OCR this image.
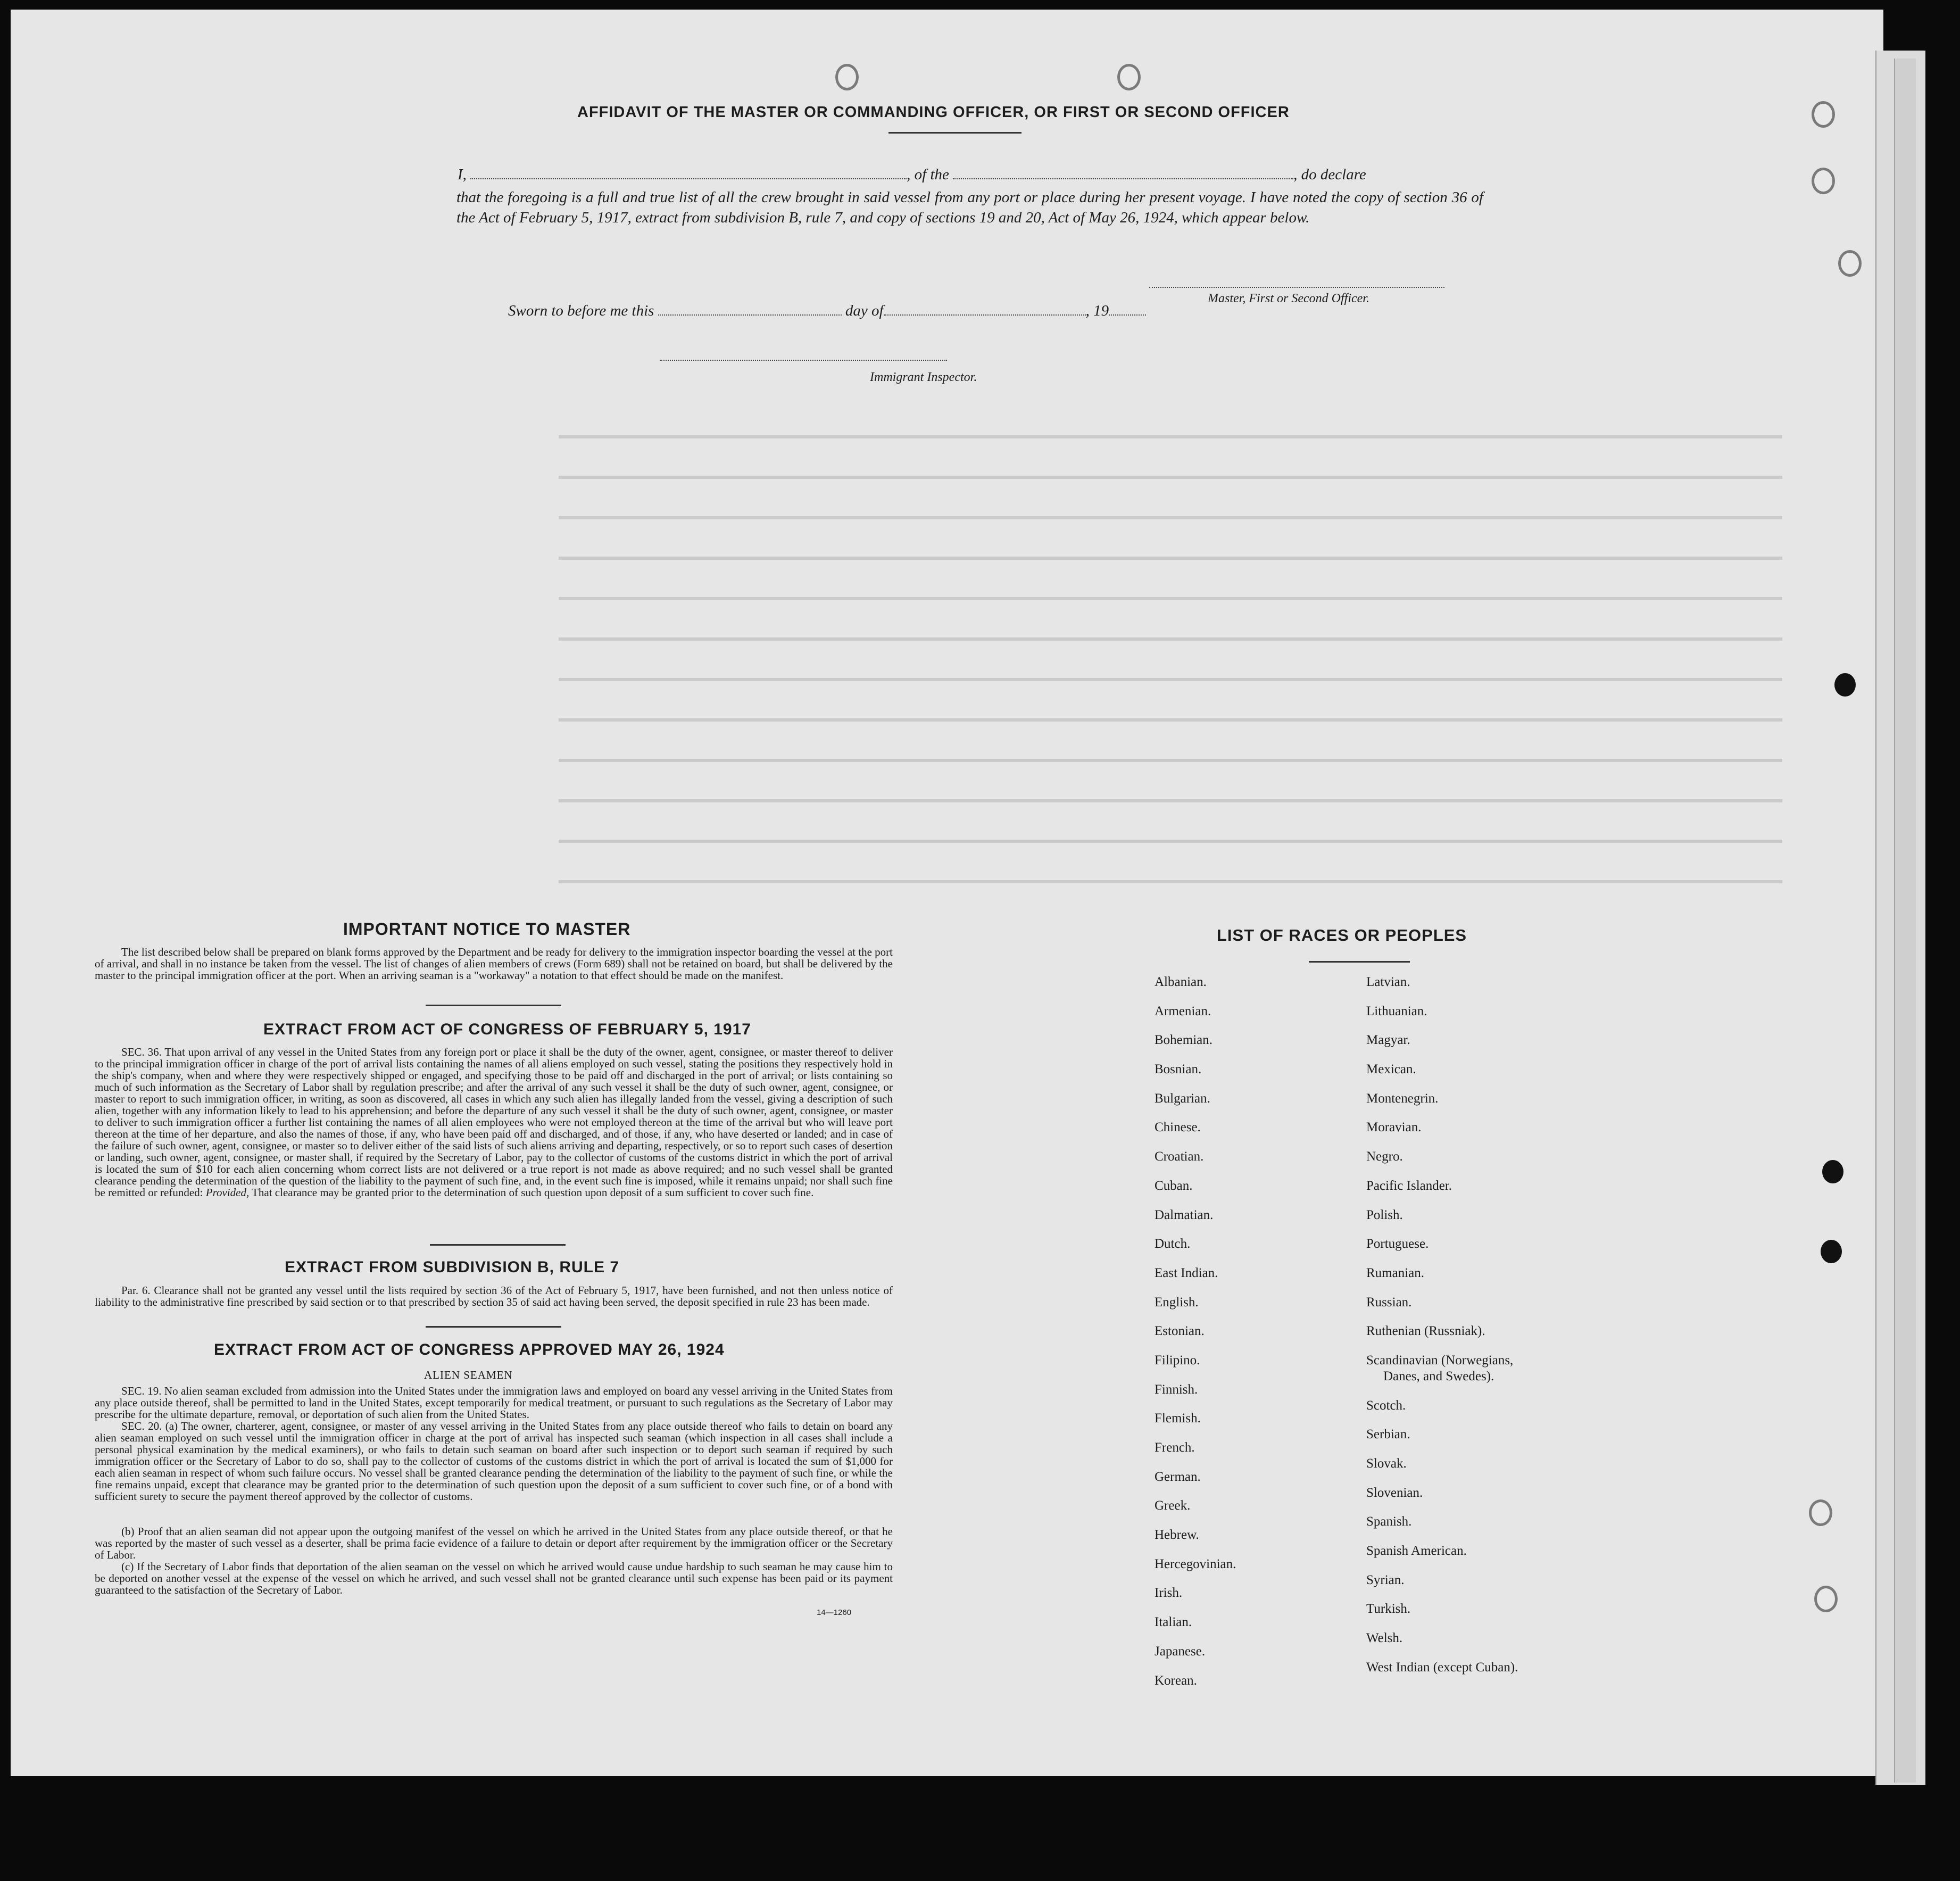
AFFIDAVIT OF THE MASTER OR COMMANDING OFFICER, OR FIRST OR SECOND OFFICER
I,	, of the	, do declare
that the foregoing is a full and true list of all the crew brought in said vessel from any port or place during her present voyage. I have noted the copy of section 36 of the Act of February 5, 1917, extract from subdivision B, rule 7, and copy of sections 19 and 20, Act of May 26, 1924, which appear below.
Master, First or Second Officer.
Sworn to before me this	day of	, 19
Immigrant Inspector.
IMPORTANT NOTICE TO MASTER
The list described below shall be prepared on blank forms approved by the Department and be ready for delivery to the immigration inspector boarding the vessel at the port of arrival, and shall in no instance be taken from the vessel. The list of changes of alien members of crews (Form 689) shall not be retained on board, but shall be delivered by the master to the principal immigration officer at the port. When an arriving seaman is a "workaway" a notation to that effect should be made on the manifest.
EXTRACT FROM ACT OF CONGRESS OF FEBRUARY 5, 1917
SEC. 36. That upon arrival of any vessel in the United States from any foreign port or place it shall be the duty of the owner, agent, consignee, or master thereof to deliver to the principal immigration officer in charge of the port of arrival lists containing the names of all aliens employed on such vessel, stating the positions they respectively hold in the ship's company, when and where they were respectively shipped or engaged, and specifying those to be paid off and discharged in the port of arrival; or lists containing so much of such information as the Secretary of Labor shall by regulation prescribe; and after the arrival of any such vessel it shall be the duty of such owner, agent, consignee, or master to report to such immigration officer, in writing, as soon as discovered, all cases in which any such alien has illegally landed from the vessel, giving a description of such alien, together with any information likely to lead to his apprehension; and before the departure of any such vessel it shall be the duty of such owner, agent, consignee, or master to deliver to such immigration officer a further list containing the names of all alien employees who were not employed thereon at the time of the arrival but who will leave port thereon at the time of her departure, and also the names of those, if any, who have been paid off and discharged, and of those, if any, who have deserted or landed; and in case of the failure of such owner, agent, consignee, or master so to deliver either of the said lists of such aliens arriving and departing, respectively, or so to report such cases of desertion or landing, such owner, agent, consignee, or master shall, if required by the Secretary of Labor, pay to the collector of customs of the customs district in which the port of arrival is located the sum of $10 for each alien concerning whom correct lists are not delivered or a true report is not made as above required; and no such vessel shall be granted clearance pending the determination of the question of the liability to the payment of such fine, and, in the event such fine is imposed, while it remains unpaid; nor shall such fine be remitted or refunded: Provided, That clearance may be granted prior to the determination of such question upon deposit of a sum sufficient to cover such fine.
EXTRACT FROM SUBDIVISION B, RULE 7
Par. 6. Clearance shall not be granted any vessel until the lists required by section 36 of the Act of February 5, 1917, have been furnished, and not then unless notice of liability to the administrative fine prescribed by said section or to that prescribed by section 35 of said act having been served, the deposit specified in rule 23 has been made.
EXTRACT FROM ACT OF CONGRESS APPROVED MAY 26, 1924
ALIEN SEAMEN
SEC. 19. No alien seaman excluded from admission into the United States under the immigration laws and employed on board any vessel arriving in the United States from any place outside thereof, shall be permitted to land in the United States, except temporarily for medical treatment, or pursuant to such regulations as the Secretary of Labor may prescribe for the ultimate departure, removal, or deportation of such alien from the United States.
SEC. 20. (a) The owner, charterer, agent, consignee, or master of any vessel arriving in the United States from any place outside thereof who fails to detain on board any alien seaman employed on such vessel until the immigration officer in charge at the port of arrival has inspected such seaman (which inspection in all cases shall include a personal physical examination by the medical examiners), or who fails to detain such seaman on board after such inspection or to deport such seaman if required by such immigration officer or the Secretary of Labor to do so, shall pay to the collector of customs of the customs district in which the port of arrival is located the sum of $1,000 for each alien seaman in respect of whom such failure occurs. No vessel shall be granted clearance pending the determination of the liability to the payment of such fine, or while the fine remains unpaid, except that clearance may be granted prior to the determination of such question upon the deposit of a sum sufficient to cover such fine, or of a bond with sufficient surety to secure the payment thereof approved by the collector of customs.
(b) Proof that an alien seaman did not appear upon the outgoing manifest of the vessel on which he arrived in the United States from any place outside thereof, or that he was reported by the master of such vessel as a deserter, shall be prima facie evidence of a failure to detain or deport after requirement by the immigration officer or the Secretary of Labor.
(c) If the Secretary of Labor finds that deportation of the alien seaman on the vessel on which he arrived would cause undue hardship to such seaman he may cause him to be deported on another vessel at the expense of the vessel on which he arrived, and such vessel shall not be granted clearance until such expense has been paid or its payment guaranteed to the satisfaction of the Secretary of Labor.
14—1260
LIST OF RACES OR PEOPLES
Albanian.
Armenian.
Bohemian.
Bosnian.
Bulgarian.
Chinese.
Croatian.
Cuban.
Dalmatian.
Dutch.
East Indian.
English.
Estonian.
Filipino.
Finnish.
Flemish.
French.
German.
Greek.
Hebrew.
Hercegovinian.
Irish.
Italian.
Japanese.
Korean.
Latvian.
Lithuanian.
Magyar.
Mexican.
Montenegrin.
Moravian.
Negro.
Pacific Islander.
Polish.
Portuguese.
Rumanian.
Russian.
Ruthenian (Russniak).
Scandinavian (Norwegians,
Danes, and Swedes).
Scotch.
Serbian.
Slovak.
Slovenian.
Spanish.
Spanish American.
Syrian.
Turkish.
Welsh.
West Indian (except Cuban).
